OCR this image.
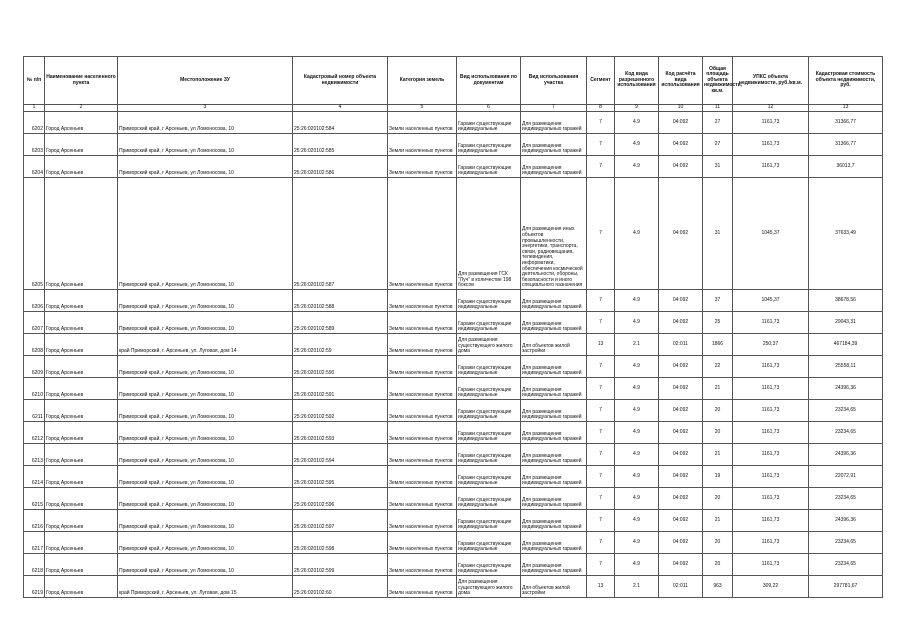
№ п/п	Наименование населенного пункта	Местоположение ЗУ	Кадастровый номер объекта недвижимости	Категория земель	Вид использования по документам	Вид использования участка	Сегмент	Код вида разрешенного использования	Код расчёта вида использования	Общая площадь объекта недвижимости, кв.м.	УПКС объекта недвижимости, руб./кв.м.	Кадастровая стоимость объекта недвижимости, руб.
1	2	3	4	5	6	7	8	9	10	11	12	13
6202	Город Арсеньев	Приморский край, г Арсеньев, ул Ломоносова, 10	25:26:020102:584	Земли населенных пунктов	Гаражи существующие индивидуальные	Для размещения индивидуальных гаражей	7	4.9	04:092	27	1161,73	31366,77
6203	Город Арсеньев	Приморский край, г Арсеньев, ул Ломоносова, 10	25:26:020102:585	Земли населенных пунктов	Гаражи существующие индивидуальные	Для размещения индивидуальных гаражей	7	4.9	04:092	27	1161,73	31366,77
6204	Город Арсеньев	Приморский край, г Арсеньев, ул Ломоносова, 10	25:26:020102:586	Земли населенных пунктов	Гаражи существующие индивидуальные	Для размещения индивидуальных гаражей	7	4.9	04:092	31	1161,73	36013,7
6205	Город Арсеньев	Приморский край, г Арсеньев, ул Ломоносова, 10	25:26:020102:587	Земли населенных пунктов	Для размещения ГСК "Луч" в количестве 198 боксов	Для размещения иных объектов промышленности, энергетики, транспорта, связи, радиовещания, телевидения, информатики, обеспечения космической деятельности, обороны, безопасности и иного специального назначения	7	4.9	04:092	31	1045,37	37633,49
6206	Город Арсеньев	Приморский край, г Арсеньев, ул Ломоносова, 10	25:26:020102:588	Земли населенных пунктов	Гаражи существующие индивидуальные	Для размещения индивидуальных гаражей	7	4.9	04:092	37	1045,37	38678,56
6207	Город Арсеньев	Приморский край, г Арсеньев, ул Ломоносова, 10	25:26:020102:589	Земли населенных пунктов	Гаражи существующие индивидуальные	Для размещения индивидуальных гаражей	7	4.9	04:092	25	1161,73	29043,31
6208	Город Арсеньев	край Приморский, г. Арсеньев, ул. Луговая, дом 14	25:26:020102:59	Земли населенных пунктов	Для размещения существующего жилого дома	Для объектов жилой застройки	13	2.1	02:011	1866	250,37	467184,39
6209	Город Арсеньев	Приморский край, г Арсеньев, ул Ломоносова, 10	25:26:020102:590	Земли населенных пунктов	Гаражи существующие индивидуальные	Для размещения индивидуальных гаражей	7	4.9	04:092	22	1161,73	25558,11
6210	Город Арсеньев	Приморский край, г Арсеньев, ул Ломоносова, 10	25:26:020102:591	Земли населенных пунктов	Гаражи существующие индивидуальные	Для размещения индивидуальных гаражей	7	4.9	04:092	21	1161,73	24396,36
6211	Город Арсеньев	Приморский край, г Арсеньев, ул Ломоносова, 10	25:26:020102:592	Земли населенных пунктов	Гаражи существующие индивидуальные	Для размещения индивидуальных гаражей	7	4.9	04:092	20	1161,73	23234,65
6212	Город Арсеньев	Приморский край, г Арсеньев, ул Ломоносова, 10	25:26:020102:593	Земли населенных пунктов	Гаражи существующие индивидуальные	Для размещения индивидуальных гаражей	7	4.9	04:092	20	1161,73	23234,65
6213	Город Арсеньев	Приморский край, г Арсеньев, ул Ломоносова, 10	25:26:020102:594	Земли населенных пунктов	Гаражи существующие индивидуальные	Для размещения индивидуальных гаражей	7	4.9	04:092	21	1161,73	24396,36
6214	Город Арсеньев	Приморский край, г Арсеньев, ул Ломоносова, 10	25:26:020102:595	Земли населенных пунктов	Гаражи существующие индивидуальные	Для размещения индивидуальных гаражей	7	4.9	04:092	19	1161,73	22072,91
6215	Город Арсеньев	Приморский край, г Арсеньев, ул Ломоносова, 10	25:26:020102:596	Земли населенных пунктов	Гаражи существующие индивидуальные	Для размещения индивидуальных гаражей	7	4.9	04:092	20	1161,73	23234,65
6216	Город Арсеньев	Приморский край, г Арсеньев, ул Ломоносова, 10	25:26:020102:597	Земли населенных пунктов	Гаражи существующие индивидуальные	Для размещения индивидуальных гаражей	7	4.9	04:092	21	1161,73	24396,36
6217	Город Арсеньев	Приморский край, г Арсеньев, ул Ломоносова, 10	25:26:020102:598	Земли населенных пунктов	Гаражи существующие индивидуальные	Для размещения индивидуальных гаражей	7	4.9	04:092	20	1161,73	23234,65
6218	Город Арсеньев	Приморский край, г Арсеньев, ул Ломоносова, 10	25:26:020102:599	Земли населенных пунктов	Гаражи существующие индивидуальные	Для размещения индивидуальных гаражей	7	4.9	04:092	20	1161,73	23234,65
6219	Город Арсеньев	край Приморский, г. Арсеньев, ул. Луговая, дом 15	25:26:020102:60	Земли населенных пунктов	Для размещения существующего жилого дома	Для объектов жилой застройки	13	2.1	02:011	963	309,22	297781,67
